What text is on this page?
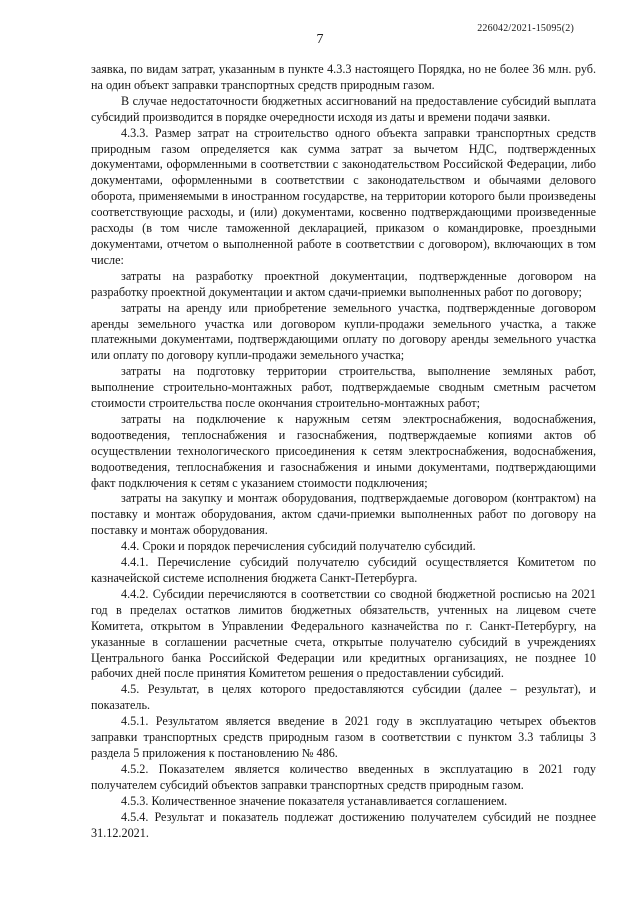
226042/2021-15095(2)
7

заявка, по видам затрат, указанным в пункте 4.3.3 настоящего Порядка, но не более 36 млн. руб. на один объект заправки транспортных средств природным газом.

В случае недостаточности бюджетных ассигнований на предоставление субсидий выплата субсидий производится в порядке очередности исходя из даты и времени подачи заявки.

4.3.3. Размер затрат на строительство одного объекта заправки транспортных средств природным газом определяется как сумма затрат за вычетом НДС, подтвержденных документами, оформленными в соответствии с законодательством Российской Федерации, либо документами, оформленными в соответствии с законодательством и обычаями делового оборота, применяемыми в иностранном государстве, на территории которого были произведены соответствующие расходы, и (или) документами, косвенно подтверждающими произведенные расходы (в том числе таможенной декларацией, приказом о командировке, проездными документами, отчетом о выполненной работе в соответствии с договором), включающих в том числе:

затраты на разработку проектной документации, подтвержденные договором на разработку проектной документации и актом сдачи-приемки выполненных работ по договору;

затраты на аренду или приобретение земельного участка, подтвержденные договором аренды земельного участка или договором купли-продажи земельного участка, а также платежными документами, подтверждающими оплату по договору аренды земельного участка или оплату по договору купли-продажи земельного участка;

затраты на подготовку территории строительства, выполнение земляных работ, выполнение строительно-монтажных работ, подтверждаемые сводным сметным расчетом стоимости строительства после окончания строительно-монтажных работ;

затраты на подключение к наружным сетям электроснабжения, водоснабжения, водоотведения, теплоснабжения и газоснабжения, подтверждаемые копиями актов об осуществлении технологического присоединения к сетям электроснабжения, водоснабжения, водоотведения, теплоснабжения и газоснабжения и иными документами, подтверждающими факт подключения к сетям с указанием стоимости подключения;

затраты на закупку и монтаж оборудования, подтверждаемые договором (контрактом) на поставку и монтаж оборудования, актом сдачи-приемки выполненных работ по договору на поставку и монтаж оборудования.

4.4. Сроки и порядок перечисления субсидий получателю субсидий.

4.4.1. Перечисление субсидий получателю субсидий осуществляется Комитетом по казначейской системе исполнения бюджета Санкт-Петербурга.

4.4.2. Субсидии перечисляются в соответствии со сводной бюджетной росписью на 2021 год в пределах остатков лимитов бюджетных обязательств, учтенных на лицевом счете Комитета, открытом в Управлении Федерального казначейства по г. Санкт-Петербургу, на указанные в соглашении расчетные счета, открытые получателю субсидий в учреждениях Центрального банка Российской Федерации или кредитных организациях, не позднее 10 рабочих дней после принятия Комитетом решения о предоставлении субсидий.

4.5. Результат, в целях которого предоставляются субсидии (далее – результат), и показатель.

4.5.1. Результатом является введение в 2021 году в эксплуатацию четырех объектов заправки транспортных средств природным газом в соответствии с пунктом 3.3 таблицы 3 раздела 5 приложения к постановлению № 486.

4.5.2. Показателем является количество введенных в эксплуатацию в 2021 году получателем субсидий объектов заправки транспортных средств природным газом.

4.5.3. Количественное значение показателя устанавливается соглашением.

4.5.4. Результат и показатель подлежат достижению получателем субсидий не позднее 31.12.2021.
